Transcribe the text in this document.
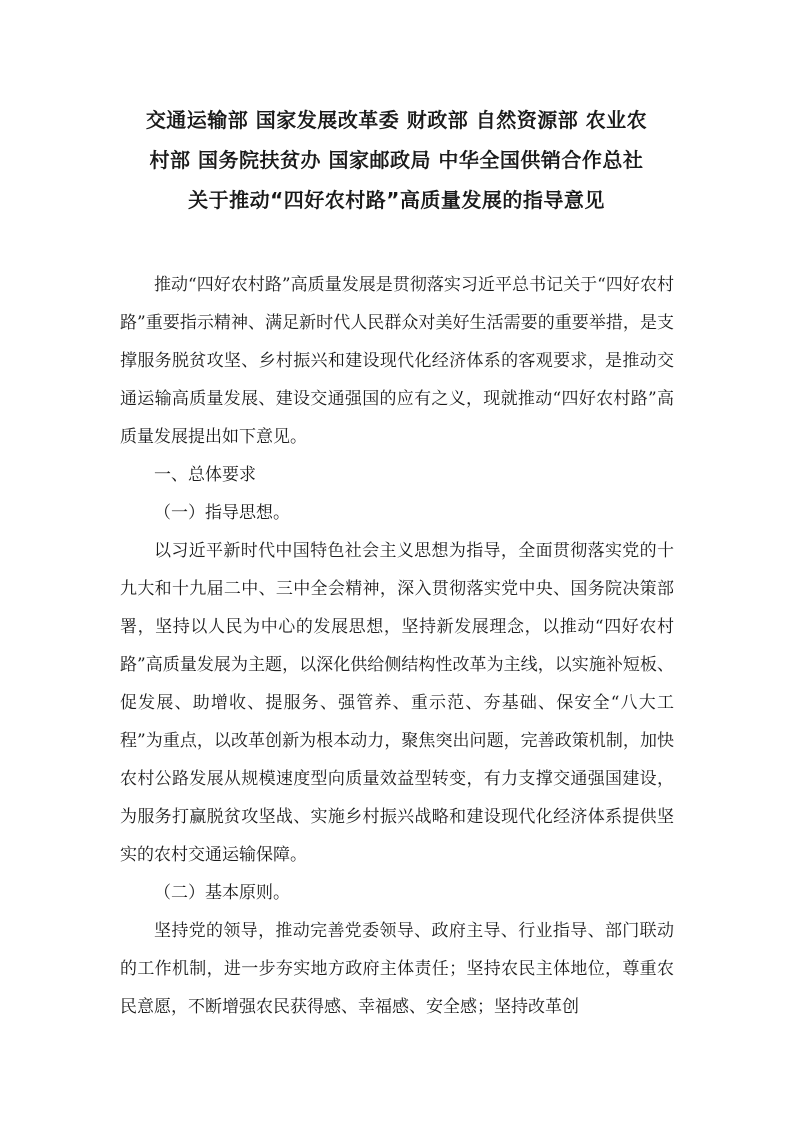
交通运输部 国家发展改革委 财政部 自然资源部 农业农
村部 国务院扶贫办 国家邮政局 中华全国供销合作总社
关于推动“四好农村路”高质量发展的指导意见

推动“四好农村路”高质量发展是贯彻落实习近平总书记关于“四好农村路”重要指示精神、满足新时代人民群众对美好生活需要的重要举措，是支撑服务脱贫攻坚、乡村振兴和建设现代化经济体系的客观要求，是推动交通运输高质量发展、建设交通强国的应有之义，现就推动“四好农村路”高质量发展提出如下意见。

一、总体要求

（一）指导思想。

以习近平新时代中国特色社会主义思想为指导，全面贯彻落实党的十九大和十九届二中、三中全会精神，深入贯彻落实党中央、国务院决策部署，坚持以人民为中心的发展思想，坚持新发展理念，以推动“四好农村路”高质量发展为主题，以深化供给侧结构性改革为主线，以实施补短板、促发展、助增收、提服务、强管养、重示范、夯基础、保安全“八大工程”为重点，以改革创新为根本动力，聚焦突出问题，完善政策机制，加快农村公路发展从规模速度型向质量效益型转变，有力支撑交通强国建设，为服务打赢脱贫攻坚战、实施乡村振兴战略和建设现代化经济体系提供坚实的农村交通运输保障。

（二）基本原则。

坚持党的领导，推动完善党委领导、政府主导、行业指导、部门联动的工作机制，进一步夯实地方政府主体责任；坚持农民主体地位，尊重农民意愿，不断增强农民获得感、幸福感、安全感；坚持改革创
